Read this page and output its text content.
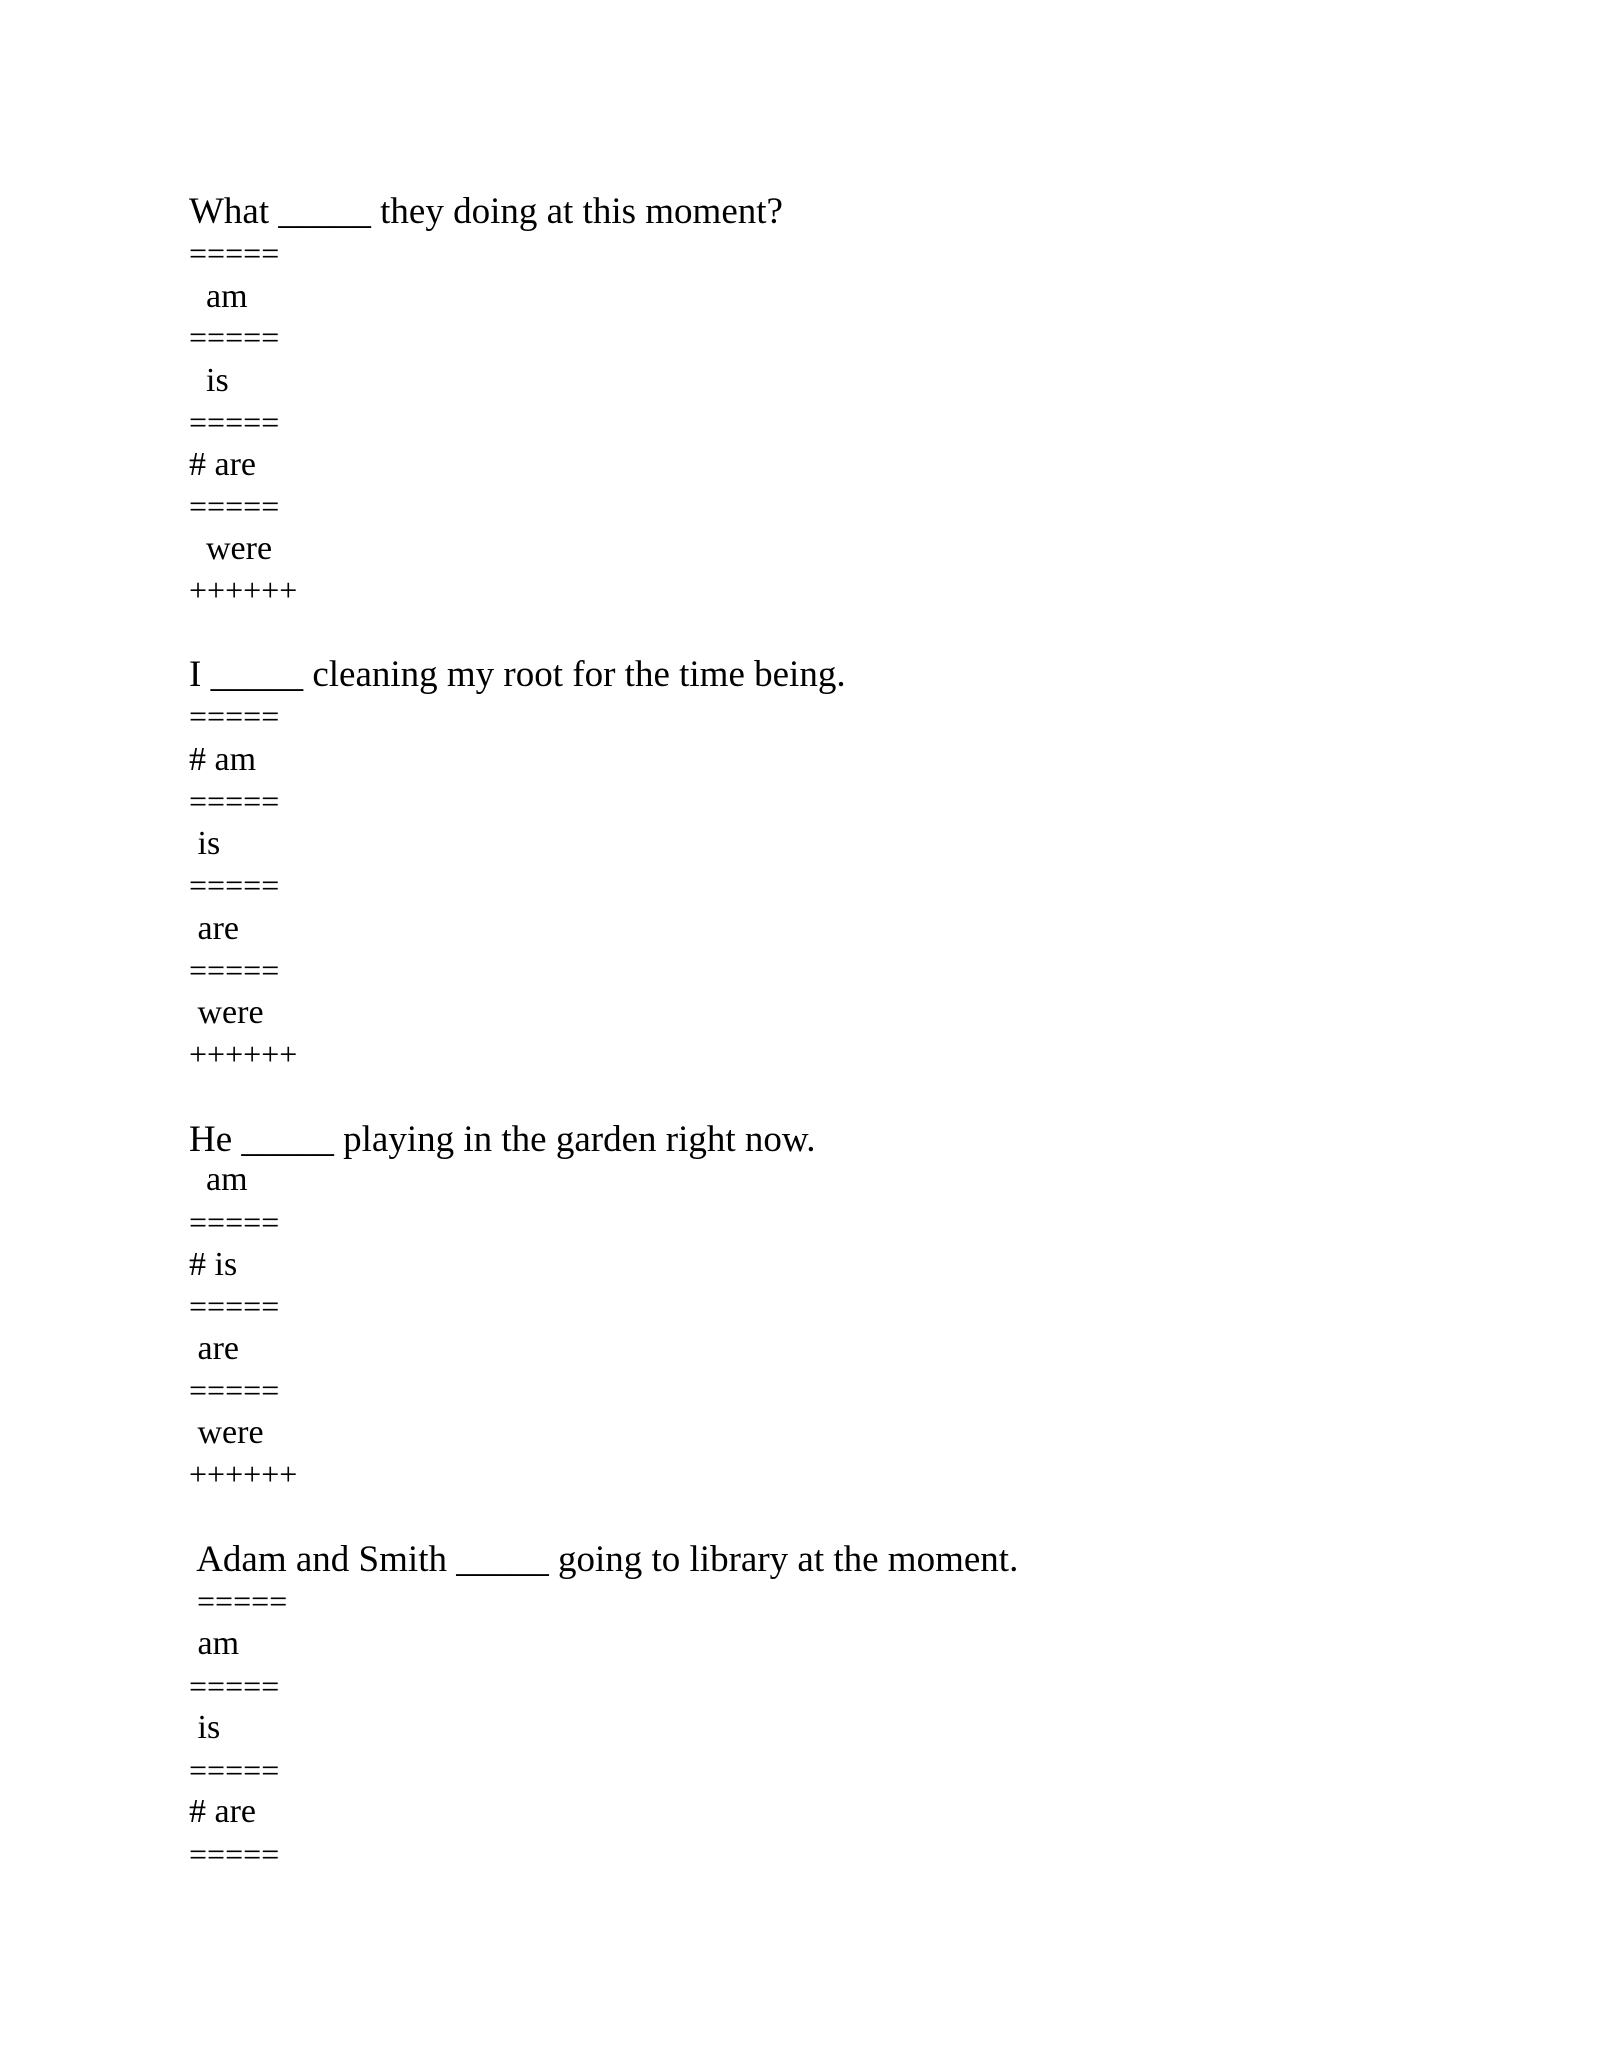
What _____ they doing at this moment?
=====
am
=====
is
=====
# are
=====
were
++++++
I _____ cleaning my root for the time being.
=====
# am
=====
is
=====
are
=====
were
++++++
He _____ playing in the garden right now.
am
=====
# is
=====
are
=====
were
++++++
Adam and Smith _____ going to library at the moment.
=====
am
=====
is
=====
# are
=====
